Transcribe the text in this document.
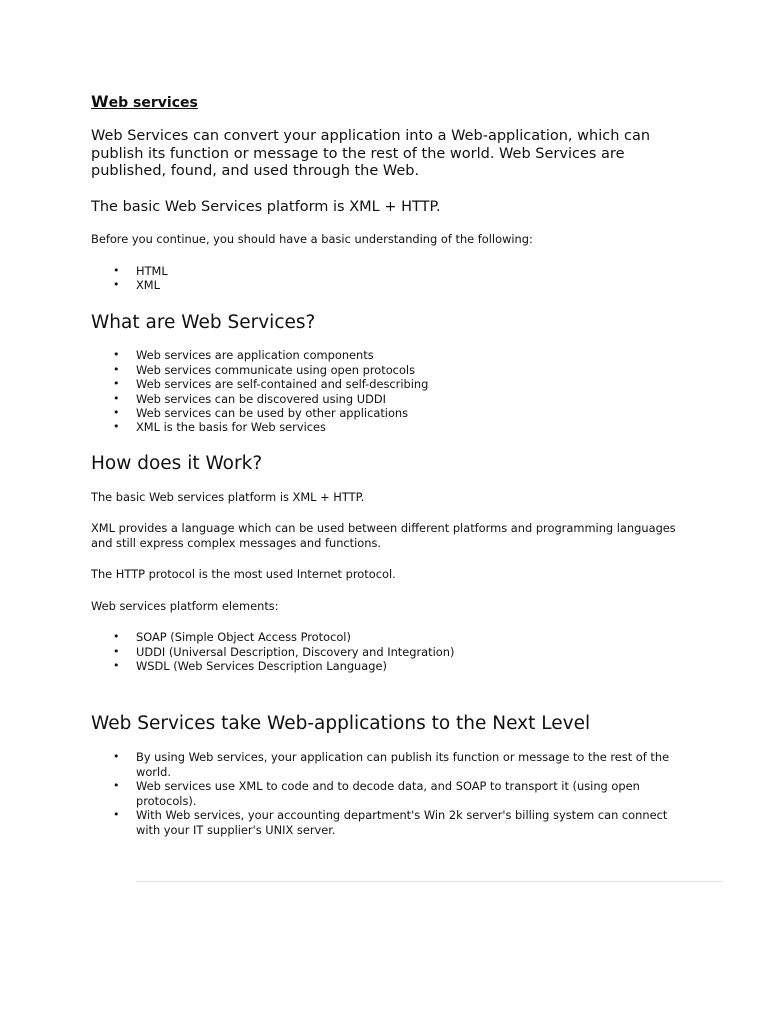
Web services

Web Services can convert your application into a Web-application, which can publish its function or message to the rest of the world. Web Services are published, found, and used through the Web.

The basic Web Services platform is XML + HTTP.

Before you continue, you should have a basic understanding of the following:

• HTML
• XML
What are Web Services?
• Web services are application components
• Web services communicate using open protocols
• Web services are self-contained and self-describing
• Web services can be discovered using UDDI
• Web services can be used by other applications
• XML is the basis for Web services
How does it Work?

The basic Web services platform is XML + HTTP.

XML provides a language which can be used between different platforms and programming languages and still express complex messages and functions.

The HTTP protocol is the most used Internet protocol.

Web services platform elements:

• SOAP (Simple Object Access Protocol)
• UDDI (Universal Description, Discovery and Integration)
• WSDL (Web Services Description Language)
Web Services take Web-applications to the Next Level
• By using Web services, your application can publish its function or message to the rest of the world.
• Web services use XML to code and to decode data, and SOAP to transport it (using open protocols).
• With Web services, your accounting department's Win 2k server's billing system can connect with your IT supplier's UNIX server.
